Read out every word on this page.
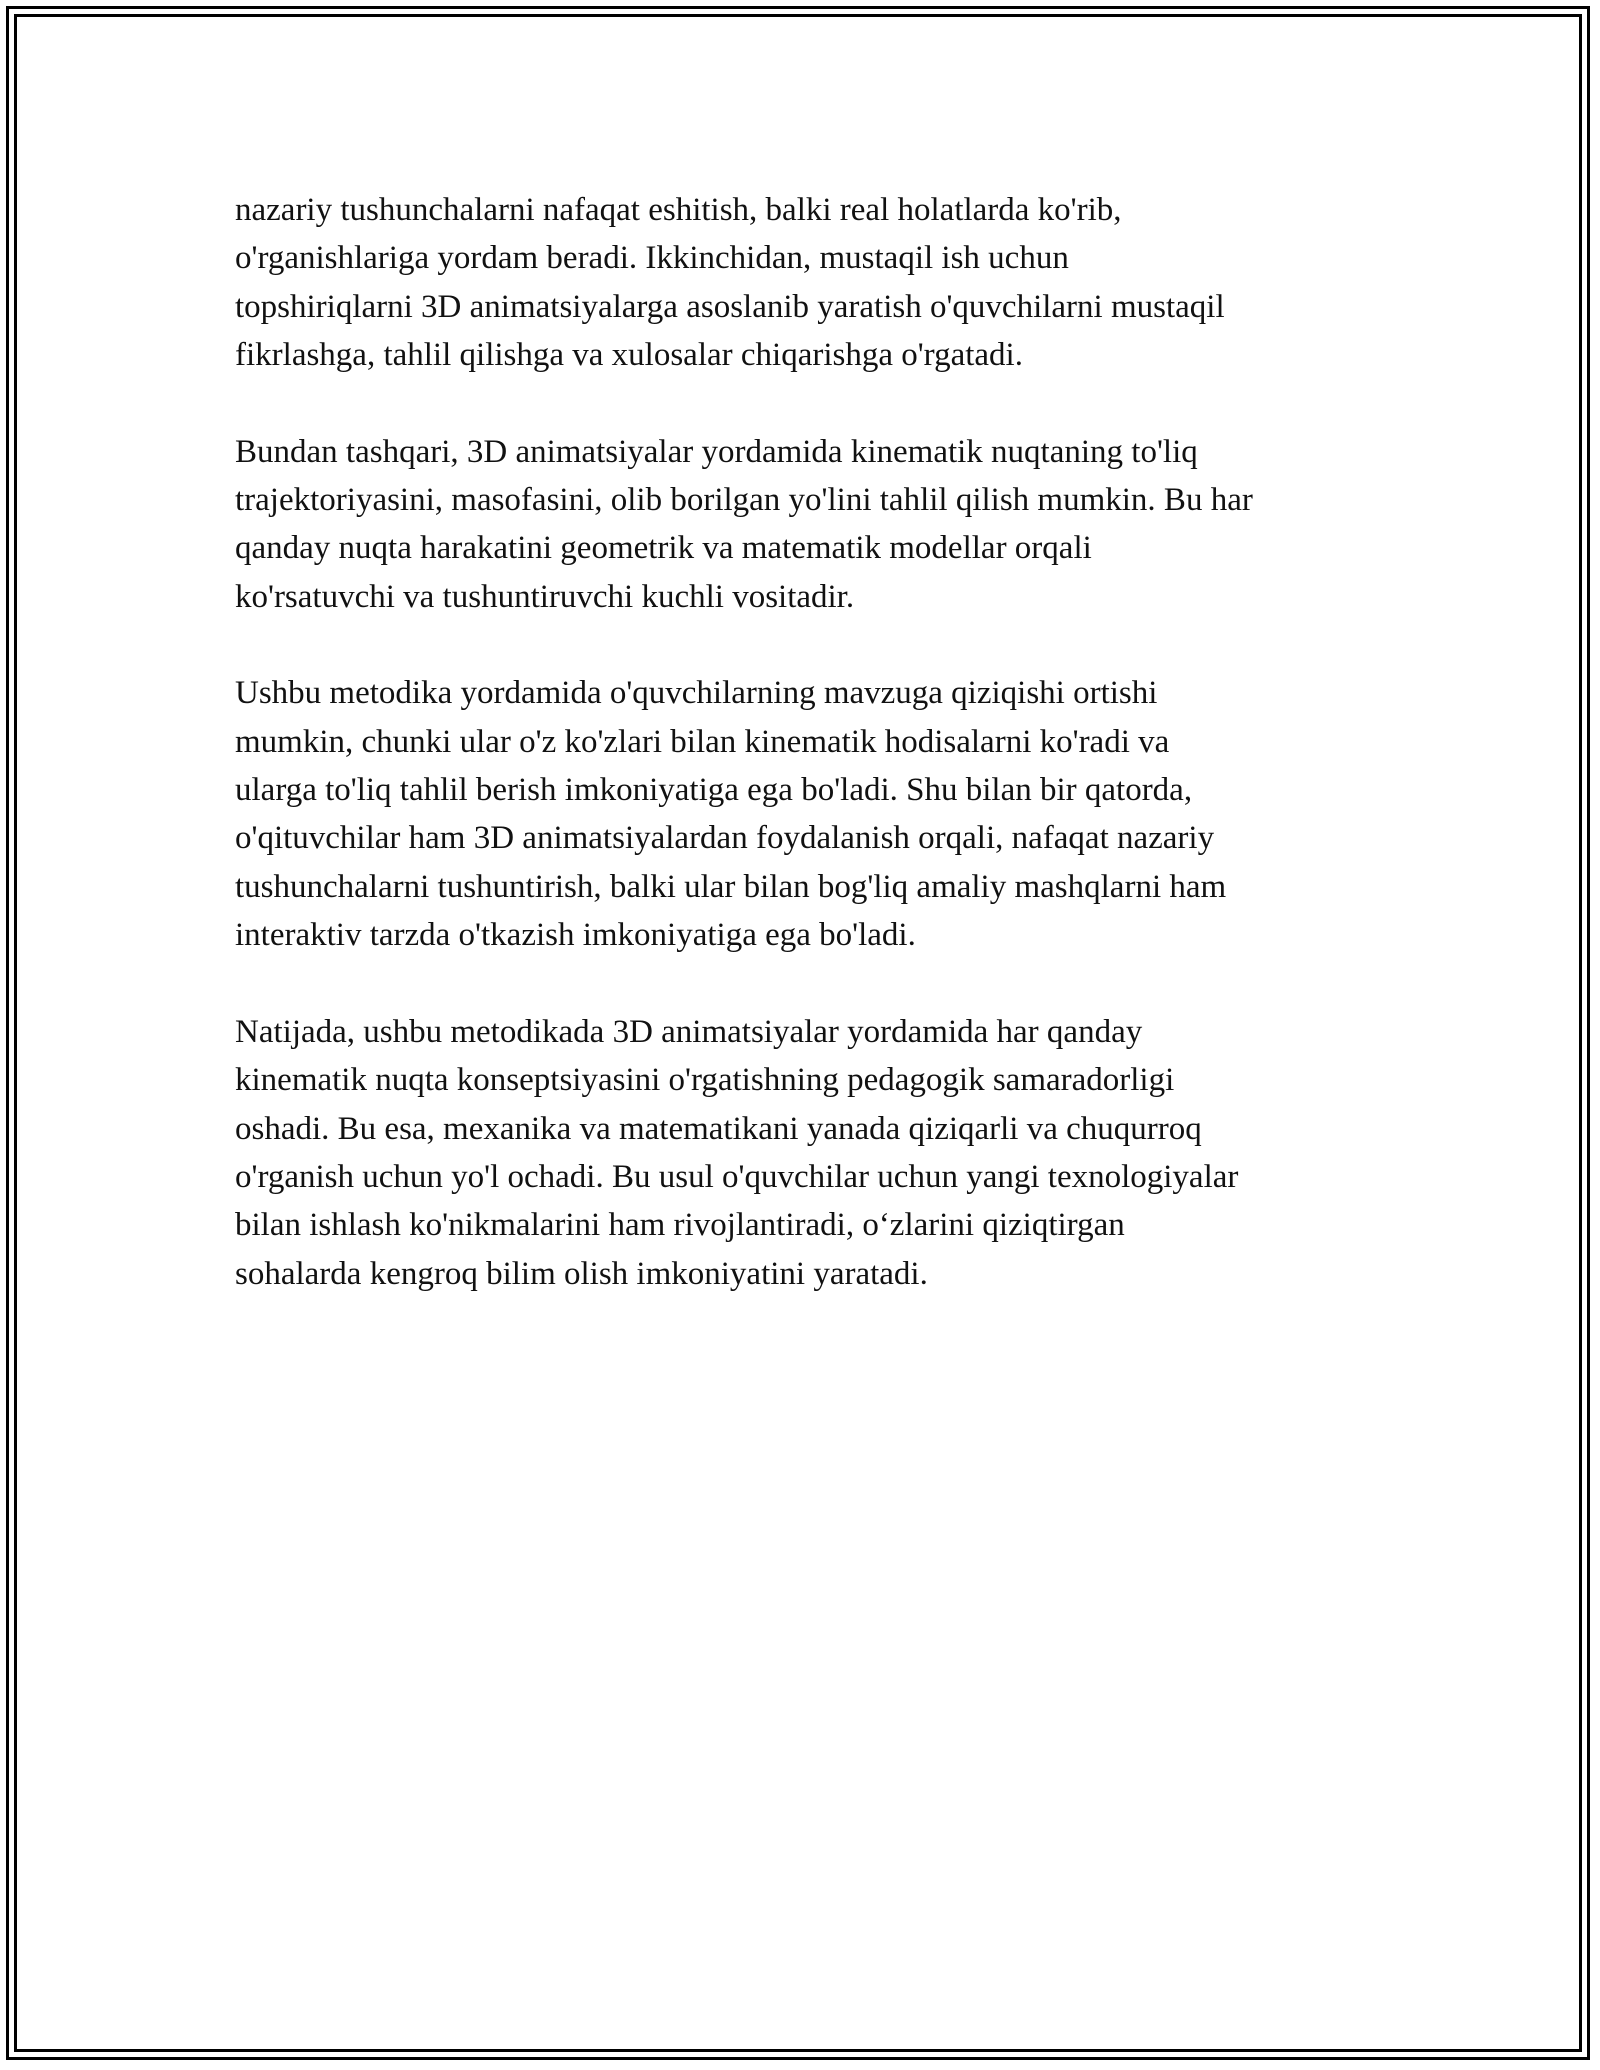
nazariy tushunchalarni nafaqat eshitish, balki real holatlarda ko'rib,
o'rganishlariga yordam beradi. Ikkinchidan, mustaqil ish uchun
topshiriqlarni 3D animatsiyalarga asoslanib yaratish o'quvchilarni mustaqil
fikrlashga, tahlil qilishga va xulosalar chiqarishga o'rgatadi.

Bundan tashqari, 3D animatsiyalar yordamida kinematik nuqtaning to'liq
trajektoriyasini, masofasini, olib borilgan yo'lini tahlil qilish mumkin. Bu har
qanday nuqta harakatini geometrik va matematik modellar orqali
ko'rsatuvchi va tushuntiruvchi kuchli vositadir.

Ushbu metodika yordamida o'quvchilarning mavzuga qiziqishi ortishi
mumkin, chunki ular o'z ko'zlari bilan kinematik hodisalarni ko'radi va
ularga to'liq tahlil berish imkoniyatiga ega bo'ladi. Shu bilan bir qatorda,
o'qituvchilar ham 3D animatsiyalardan foydalanish orqali, nafaqat nazariy
tushunchalarni tushuntirish, balki ular bilan bog'liq amaliy mashqlarni ham
interaktiv tarzda o'tkazish imkoniyatiga ega bo'ladi.

Natijada, ushbu metodikada 3D animatsiyalar yordamida har qanday
kinematik nuqta konseptsiyasini o'rgatishning pedagogik samaradorligi
oshadi. Bu esa, mexanika va matematikani yanada qiziqarli va chuqurroq
o'rganish uchun yo'l ochadi. Bu usul o'quvchilar uchun yangi texnologiyalar
bilan ishlash ko'nikmalarini ham rivojlantiradi, o‘zlarini qiziqtirgan
sohalarda kengroq bilim olish imkoniyatini yaratadi.
